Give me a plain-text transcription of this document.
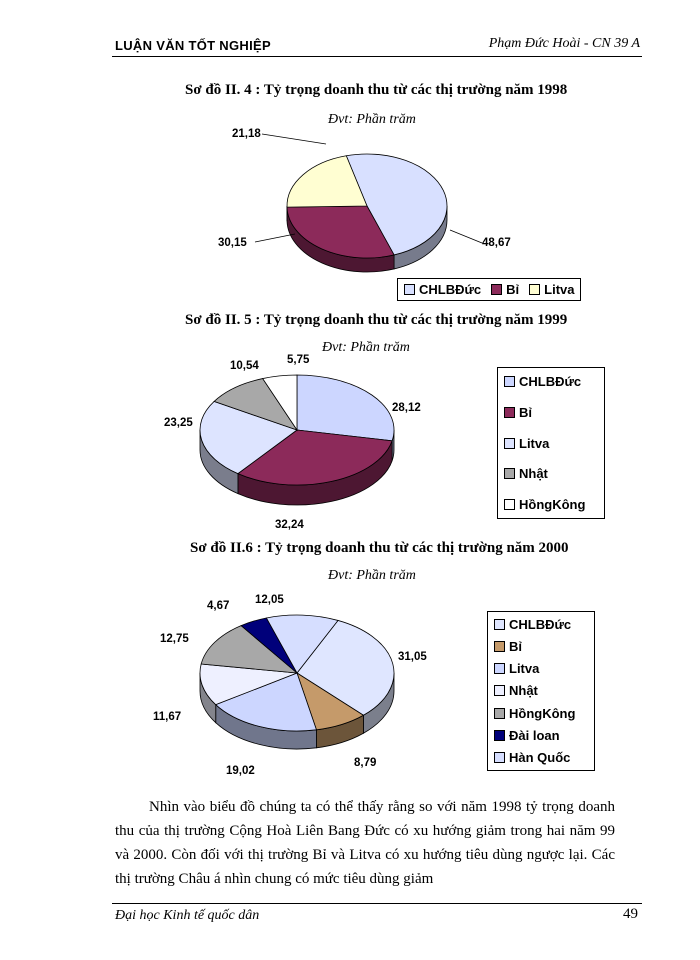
LUẬN VĂN TỐT NGHIỆP	Phạm Đức Hoài - CN 39 A
Sơ đồ II. 4 : Tỷ trọng doanh thu từ các thị trường năm 1998
Đvt: Phần trăm
48,67
30,15
21,18
CHLBĐức Bỉ Litva
Sơ đồ II. 5 : Tỷ trọng doanh thu từ các thị trường năm 1999
Đvt: Phần trăm
28,12
32,24
23,25
10,54 5,75
CHLBĐức
Bỉ
Litva
Nhật
HồngKông
Sơ đồ II.6 : Tỷ trọng doanh thu từ các thị trường năm 2000
Đvt: Phần trăm
31,05
8,79
19,02
11,67
12,75
4,67 12,05
CHLBĐức
Bỉ
Litva
Nhật
HồngKông
Đài loan
Hàn Quốc

Nhìn vào biểu đồ chúng ta có thể thấy rằng so với năm 1998 tỷ trọng doanh thu của thị trường Cộng Hoà Liên Bang Đức có xu hướng giảm trong hai năm 99 và 2000. Còn đối với thị trường Bỉ và Litva có xu hướng tiêu dùng ngược lại. Các thị trường Châu á nhìn chung có mức tiêu dùng giảm

Đại học Kinh tế quốc dân	49
